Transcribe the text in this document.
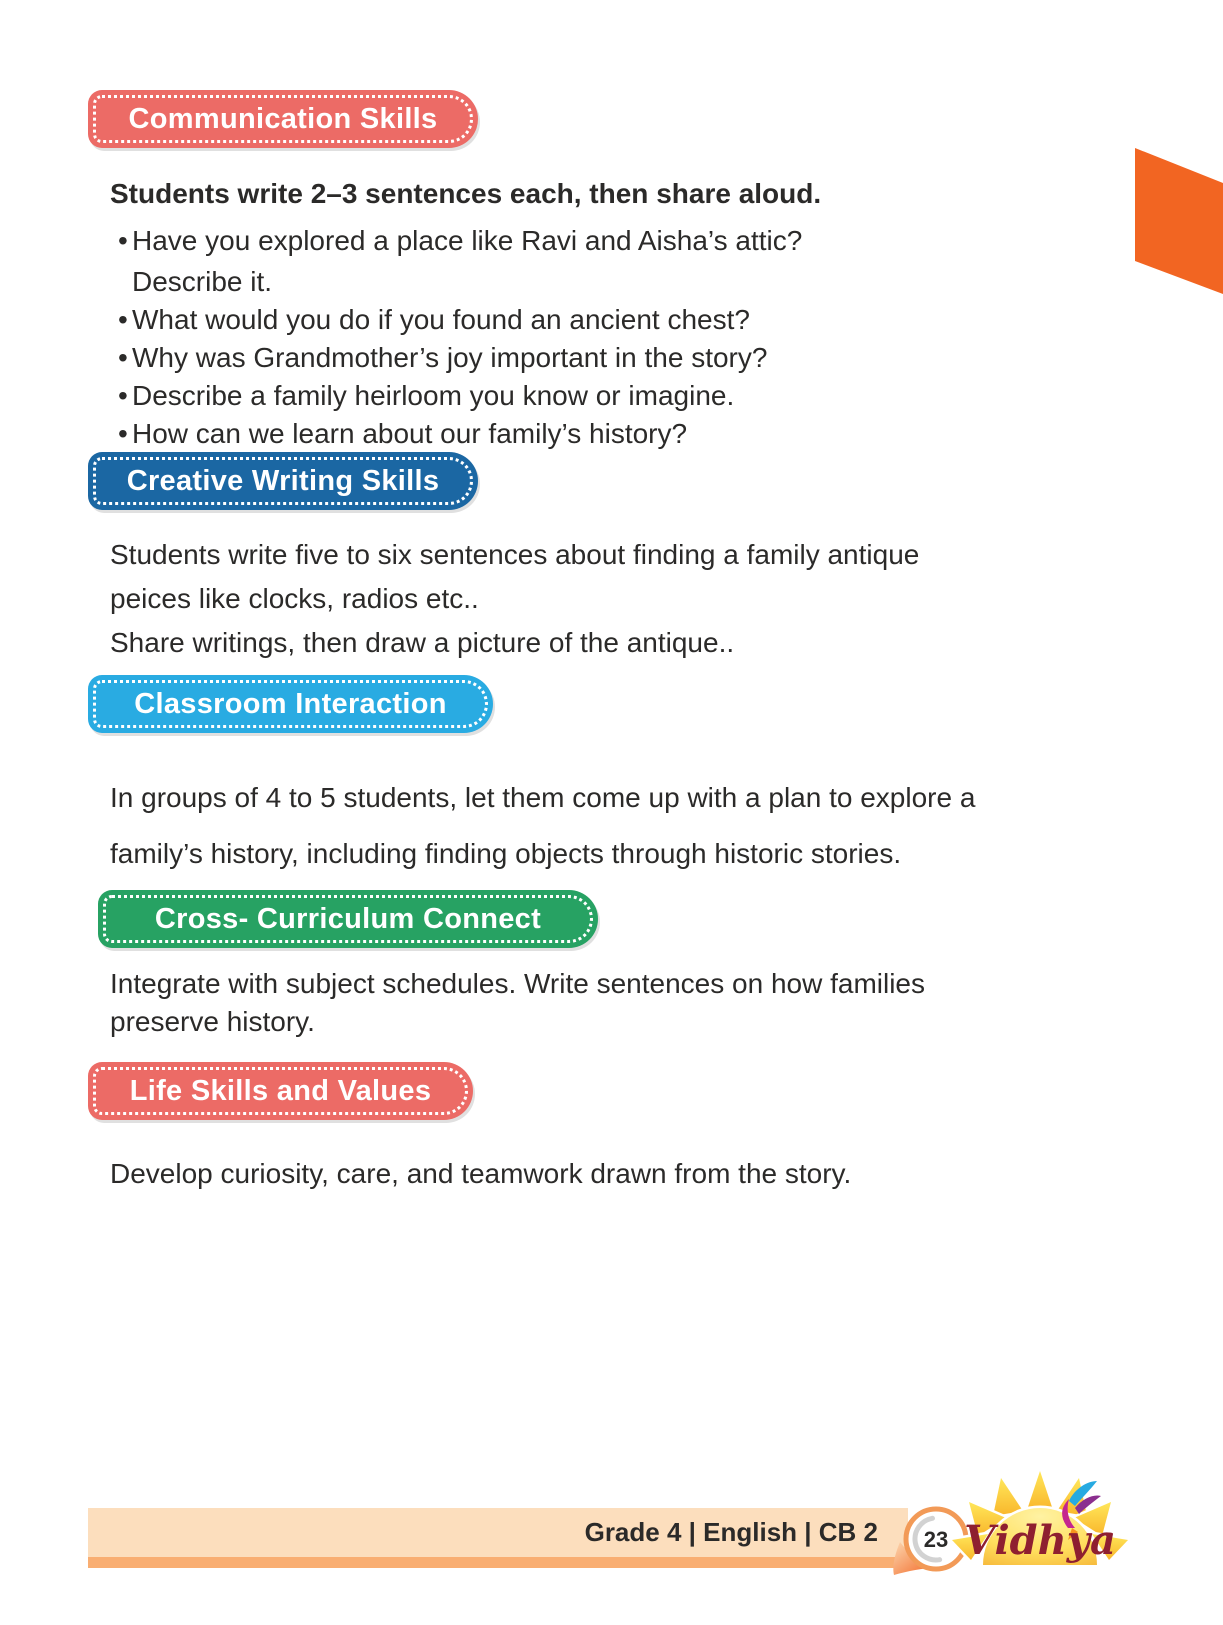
Communication Skills

Students write 2–3 sentences each, then share aloud.

• Have you explored a place like Ravi and Aisha’s attic?
Describe it.
• What would you do if you found an ancient chest?
• Why was Grandmother’s joy important in the story?
• Describe a family heirloom you know or imagine.
• How can we learn about our family’s history?
Creative Writing Skills

Students write five to six sentences about finding a family antique

peices like clocks, radios etc..

Share writings, then draw a picture of the antique..

Classroom Interaction

In groups of 4 to 5 students, let them come up with a plan to explore a

family’s history, including finding objects through historic stories.

Cross- Curriculum Connect

Integrate with subject schedules. Write sentences on how families

preserve history.

Life Skills and Values

Develop curiosity, care, and teamwork drawn from the story.

Grade 4 | English | CB 2 23 Vidhya
